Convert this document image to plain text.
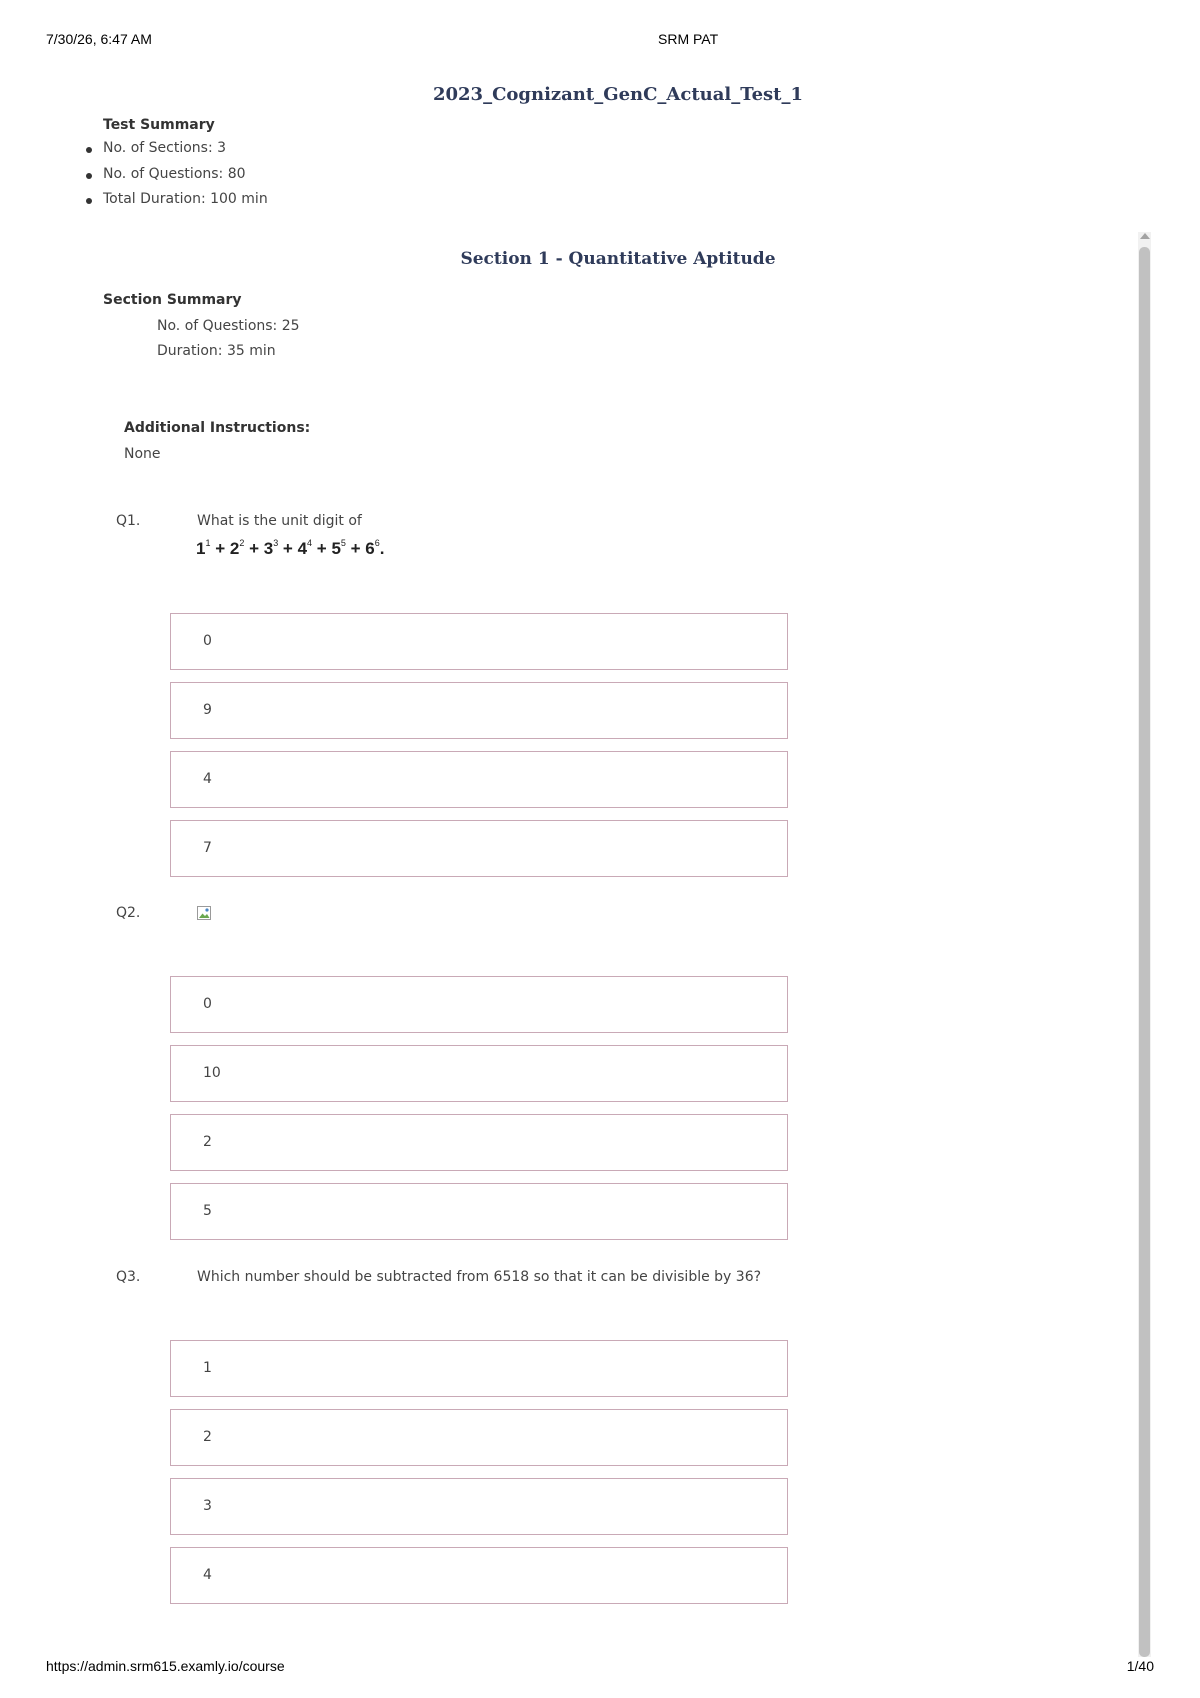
7/30/26, 6:47 AM	SRM PAT
2023_Cognizant_GenC_Actual_Test_1
Test Summary
No. of Sections: 3
No. of Questions: 80
Total Duration: 100 min
Section 1 - Quantitative Aptitude
Section Summary
No. of Questions: 25
Duration: 35 min
Additional Instructions:
None
Q1.	What is the unit digit of
$1^1 + 2^2 + 3^3 + 4^4 + 5^5 + 6^6$.
0
9
4
7
Q2.
0
10
2
5
Q3.	Which number should be subtracted from 6518 so that it can be divisible by 36?
1
2
3
4
https://admin.srm615.examly.io/course	1/40
